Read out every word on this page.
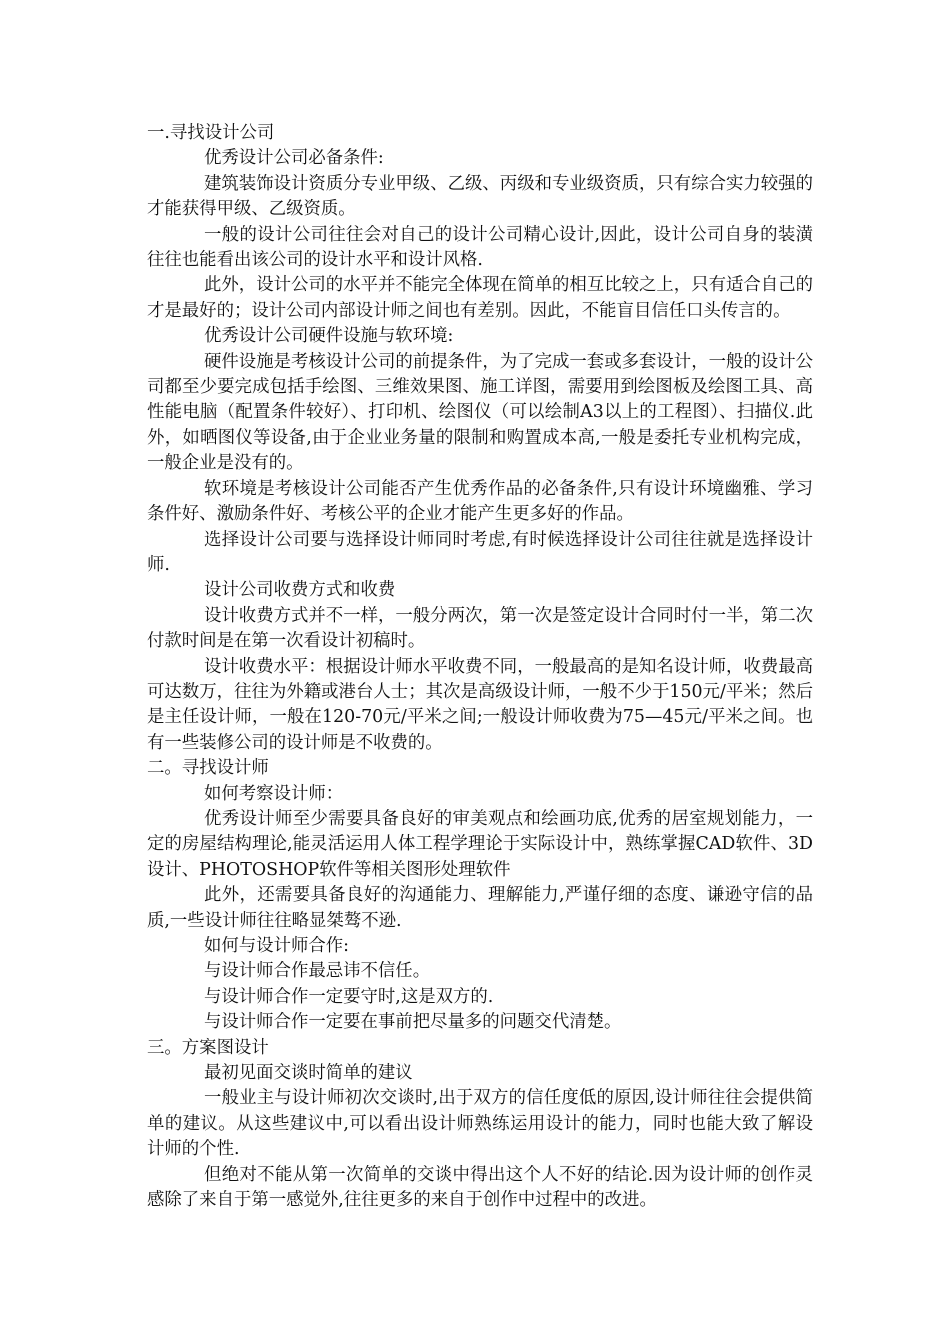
一.寻找设计公司

优秀设计公司必备条件:

建筑装饰设计资质分专业甲级、乙级、丙级和专业级资质，只有综合实力较强的才能获得甲级、乙级资质。

一般的设计公司往往会对自己的设计公司精心设计,因此，设计公司自身的装潢往往也能看出该公司的设计水平和设计风格.

此外，设计公司的水平并不能完全体现在简单的相互比较之上，只有适合自己的才是最好的；设计公司内部设计师之间也有差别。因此，不能盲目信任口头传言的。

优秀设计公司硬件设施与软环境:

硬件设施是考核设计公司的前提条件，为了完成一套或多套设计，一般的设计公司都至少要完成包括手绘图、三维效果图、施工详图，需要用到绘图板及绘图工具、高性能电脑（配置条件较好）、打印机、绘图仪（可以绘制A3以上的工程图）、扫描仪.此外，如晒图仪等设备,由于企业业务量的限制和购置成本高,一般是委托专业机构完成，一般企业是没有的。

软环境是考核设计公司能否产生优秀作品的必备条件,只有设计环境幽雅、学习条件好、激励条件好、考核公平的企业才能产生更多好的作品。

选择设计公司要与选择设计师同时考虑,有时候选择设计公司往往就是选择设计师.

设计公司收费方式和收费

设计收费方式并不一样，一般分两次，第一次是签定设计合同时付一半，第二次付款时间是在第一次看设计初稿时。

设计收费水平：根据设计师水平收费不同，一般最高的是知名设计师，收费最高可达数万，往往为外籍或港台人士；其次是高级设计师，一般不少于150元/平米；然后是主任设计师，一般在120-70元/平米之间;一般设计师收费为75—45元/平米之间。也有一些装修公司的设计师是不收费的。

二。寻找设计师

如何考察设计师：

优秀设计师至少需要具备良好的审美观点和绘画功底,优秀的居室规划能力，一定的房屋结构理论,能灵活运用人体工程学理论于实际设计中，熟练掌握CAD软件、3D设计、PHOTOSHOP软件等相关图形处理软件

此外，还需要具备良好的沟通能力、理解能力,严谨仔细的态度、谦逊守信的品质,一些设计师往往略显桀骜不逊.

如何与设计师合作:

与设计师合作最忌讳不信任。

与设计师合作一定要守时,这是双方的.

与设计师合作一定要在事前把尽量多的问题交代清楚。

三。方案图设计

最初见面交谈时简单的建议

一般业主与设计师初次交谈时,出于双方的信任度低的原因,设计师往往会提供简单的建议。从这些建议中,可以看出设计师熟练运用设计的能力，同时也能大致了解设计师的个性.

但绝对不能从第一次简单的交谈中得出这个人不好的结论.因为设计师的创作灵感除了来自于第一感觉外,往往更多的来自于创作中过程中的改进。
